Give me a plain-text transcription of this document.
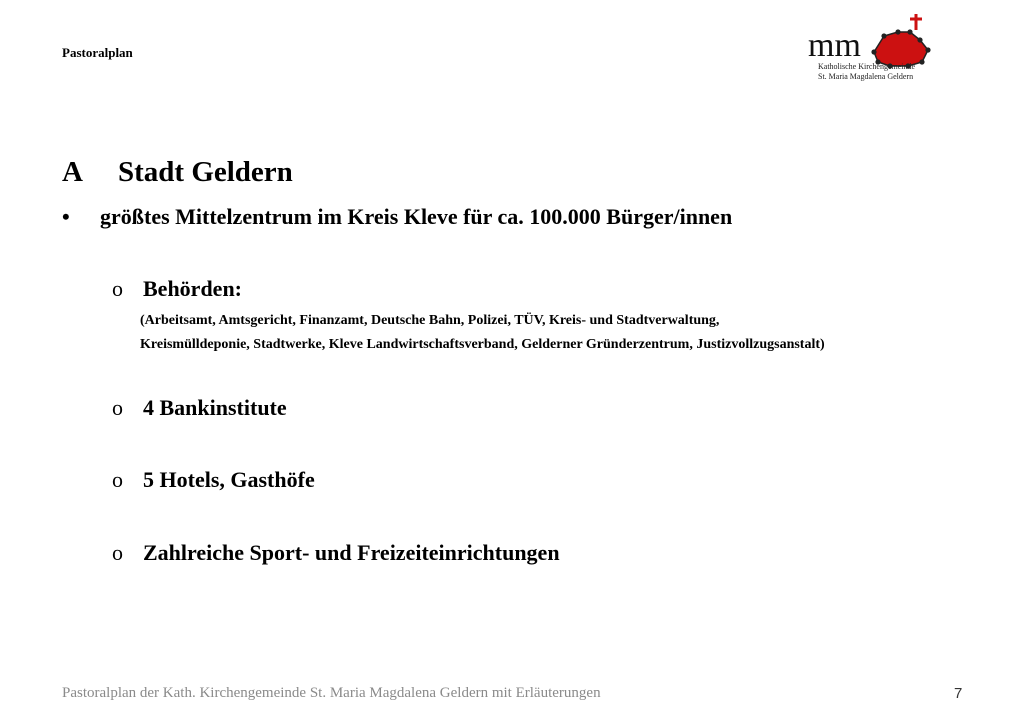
Pastoralplan	mm
Katholische Kirchengemeinde
St. Maria Magdalena Geldern
A Stadt Geldern
• größtes Mittelzentrum im Kreis Kleve für ca. 100.000 Bürger/innen
o Behörden:
(Arbeitsamt, Amtsgericht, Finanzamt, Deutsche Bahn, Polizei, TÜV, Kreis- und Stadtverwaltung,
Kreismülldeponie, Stadtwerke, Kleve Landwirtschaftsverband, Gelderner Gründerzentrum, Justizvollzugsanstalt)
o 4 Bankinstitute
o 5 Hotels, Gasthöfe
o Zahlreiche Sport- und Freizeiteinrichtungen
Pastoralplan der Kath. Kirchengemeinde St. Maria Magdalena Geldern mit Erläuterungen	7
